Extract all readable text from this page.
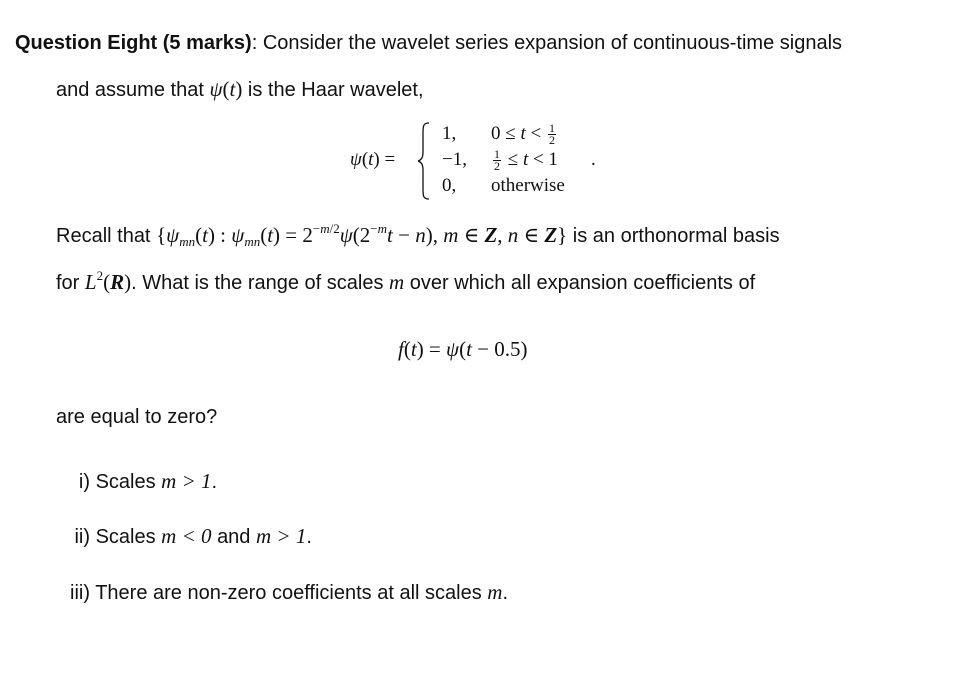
Question Eight (5 marks): Consider the wavelet series expansion of continuous-time signals
and assume that ψ(t) is the Haar wavelet,
ψ(t) =
1, $0 \le t < \frac{1}{2}$
−1, $\frac{1}{2} \le t < 1$
0, otherwise
.
Recall that {$\psi_{mn}(t)$ : $\psi_{mn}(t) = 2^{-m/2}\psi(2^{-m}t - n)$, m ∈ Z, n ∈ Z} is an orthonormal basis
for $L^2(R)$. What is the range of scales m over which all expansion coefficients of
f(t) = ψ(t − 0.5)
are equal to zero?
i) Scales m > 1.
ii) Scales m < 0 and m > 1.
iii) There are non-zero coefficients at all scales m.
